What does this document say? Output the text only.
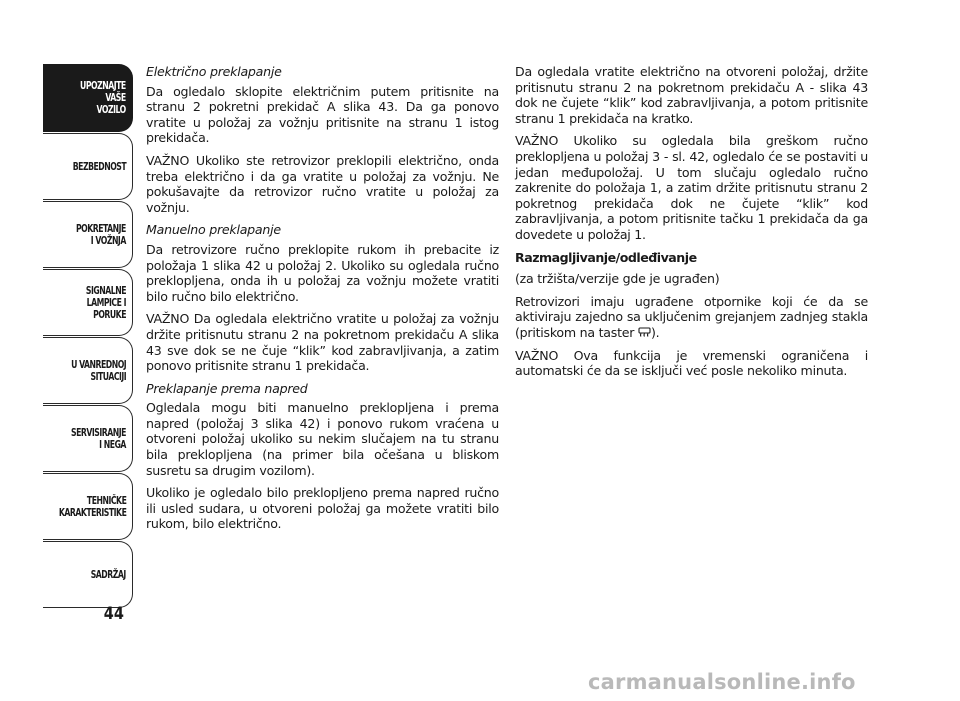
UPOZNAJTE
VAŠE
VOZILO
BEZBEDNOST
POKRETANJE
I VOŽNJA
SIGNALNE
LAMPICE I PORUKE
U VANREDNOJ
SITUACIJI
SERVISIRANJE
I NEGA
TEHNIČKE
KARAKTERISTIKE
SADRŽAJ
44

Električno preklapanje

Da ogledalo sklopite električnim putem pritisnite na stranu 2 pokretni prekidač A slika 43. Da ga ponovo vratite u položaj za vožnju pritisnite na stranu 1 istog prekidača.

VAŽNO Ukoliko ste retrovizor preklopili električno, onda treba električno i da ga vratite u položaj za vožnju. Ne pokušavajte da retrovizor ručno vratite u položaj za vožnju.

Manuelno preklapanje

Da retrovizore ručno preklopite rukom ih prebacite iz položaja 1 slika 42 u položaj 2. Ukoliko su ogledala ručno preklopljena, onda ih u položaj za vožnju možete vratiti bilo ručno bilo električno.

VAŽNO Da ogledala električno vratite u položaj za vožnju držite pritisnutu stranu 2 na pokretnom prekidaču A slika 43 sve dok se ne čuje “klik” kod zabravljivanja, a zatim ponovo pritisnite stranu 1 prekidača.

Preklapanje prema napred

Ogledala mogu biti manuelno preklopljena i prema napred (položaj 3 slika 42) i ponovo rukom vraćena u otvoreni položaj ukoliko su nekim slučajem na tu stranu bila preklopljena (na primer bila očešana u bliskom susretu sa drugim vozilom).

Ukoliko je ogledalo bilo preklopljeno prema napred ručno ili usled sudara, u otvoreni položaj ga možete vratiti bilo rukom, bilo električno.

Da ogledala vratite električno na otvoreni položaj, držite pritisnutu stranu 2 na pokretnom prekidaču A - slika 43 dok ne čujete “klik” kod zabravljivanja, a potom pritisnite stranu 1 prekidača na kratko.

VAŽNO Ukoliko su ogledala bila greškom ručno preklopljena u položaj 3 - sl. 42, ogledalo će se postaviti u jedan međupoložaj. U tom slučaju ogledalo ručno zakrenite do položaja 1, a zatim držite pritisnutu stranu 2 pokretnog prekidača dok ne čujete “klik” kod zabravljivanja, a potom pritisnite tačku 1 prekidača da ga dovedete u položaj 1.

Razmagljivanje/odleđivanje

(za tržišta/verzije gde je ugrađen)

Retrovizori imaju ugrađene otpornike koji će da se aktiviraju zajedno sa uključenim grejanjem zadnjeg stakla (pritiskom na taster ).

VAŽNO Ova funkcija je vremenski ograničena i automatski će da se isključi već posle nekoliko minuta.

carmanualsonline.info
